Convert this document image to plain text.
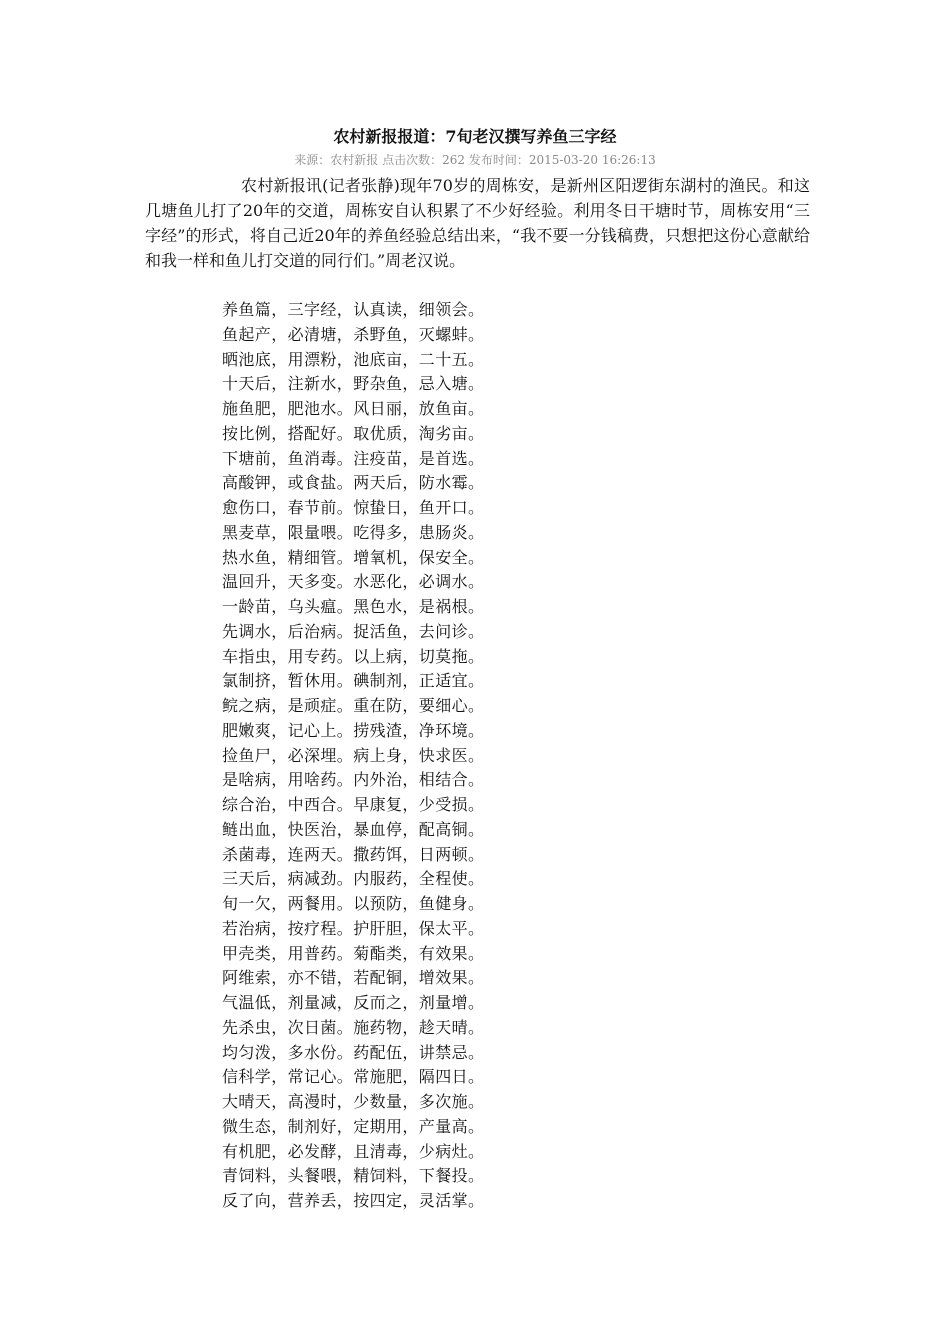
农村新报报道：7旬老汉撰写养鱼三字经
来源：农村新报 点击次数：262 发布时间：2015-03-20 16:26:13

农村新报讯(记者张静)现年70岁的周栋安，是新州区阳逻街东湖村的渔民。和这几塘鱼儿打了20年的交道，周栋安自认积累了不少好经验。利用冬日干塘时节，周栋安用“三字经”的形式，将自己近20年的养鱼经验总结出来，“我不要一分钱稿费，只想把这份心意献给和我一样和鱼儿打交道的同行们。”周老汉说。

养鱼篇，三字经，认真读，细领会。
鱼起产，必清塘，杀野鱼，灭螺蚌。
晒池底，用漂粉，池底亩，二十五。
十天后，注新水，野杂鱼，忌入塘。
施鱼肥，肥池水。风日丽，放鱼亩。
按比例，搭配好。取优质，淘劣亩。
下塘前，鱼消毒。注疫苗，是首选。
高酸钾，或食盐。两天后，防水霉。
愈伤口，春节前。惊蛰日，鱼开口。
黑麦草，限量喂。吃得多，患肠炎。
热水鱼，精细管。增氧机，保安全。
温回升，天多变。水恶化，必调水。
一龄苗，乌头瘟。黑色水，是祸根。
先调水，后治病。捉活鱼，去问诊。
车指虫，用专药。以上病，切莫拖。
氯制挤，暂休用。碘制剂，正适宜。
鲩之病，是顽症。重在防，要细心。
肥嫩爽，记心上。捞残渣，净环境。
捡鱼尸，必深埋。病上身，快求医。
是啥病，用啥药。内外治，相结合。
综合治，中西合。早康复，少受损。
鲢出血，快医治，暴血停，配高铜。
杀菌毒，连两天。撒药饵，日两顿。
三天后，病减劲。内服药，全程使。
旬一欠，两餐用。以预防，鱼健身。
若治病，按疗程。护肝胆，保太平。
甲壳类，用普药。菊酯类，有效果。
阿维索，亦不错，若配铜，增效果。
气温低，剂量减，反而之，剂量增。
先杀虫，次日菌。施药物，趁天晴。
均匀泼，多水份。药配伍，讲禁忌。
信科学，常记心。常施肥，隔四日。
大晴天，高漫时，少数量，多次施。
微生态，制剂好，定期用，产量高。
有机肥，必发酵，且清毒，少病灶。
青饲料，头餐喂，精饲料，下餐投。
反了向，营养丢，按四定，灵活掌。
